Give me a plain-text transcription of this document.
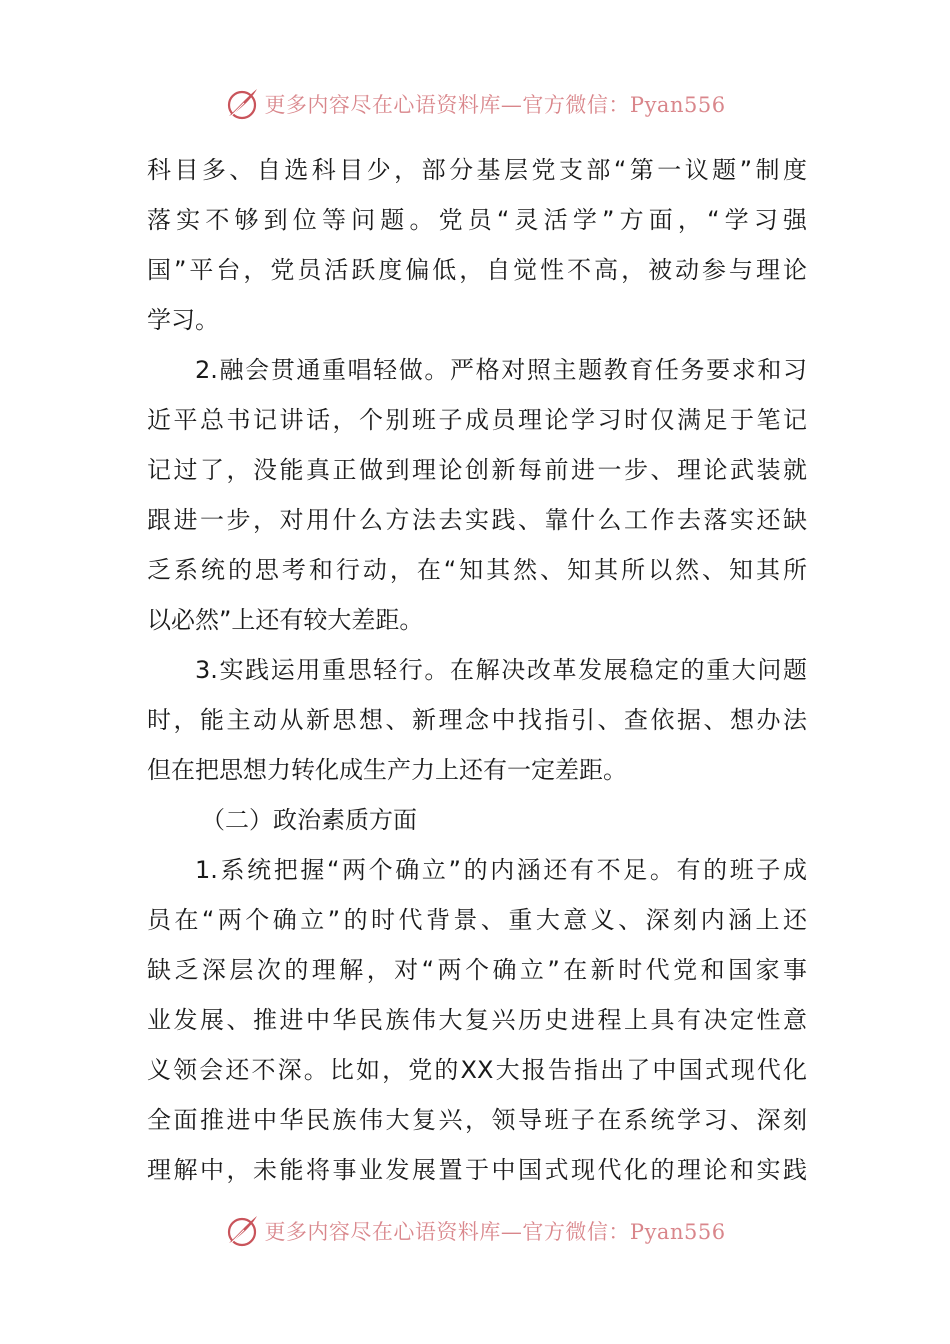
更多内容尽在心语资料库—官方微信：Pyan556
科目多、自选科目少，部分基层党支部“第一议题”制度
落实不够到位等问题。党员“灵活学”方面，“学习强
国”平台，党员活跃度偏低，自觉性不高，被动参与理论
学习。
2.融会贯通重唱轻做。严格对照主题教育任务要求和习
近平总书记讲话，个别班子成员理论学习时仅满足于笔记
记过了，没能真正做到理论创新每前进一步、理论武装就
跟进一步，对用什么方法去实践、靠什么工作去落实还缺
乏系统的思考和行动，在“知其然、知其所以然、知其所
以必然”上还有较大差距。
3.实践运用重思轻行。在解决改革发展稳定的重大问题
时，能主动从新思想、新理念中找指引、查依据、想办法
但在把思想力转化成生产力上还有一定差距。
（二）政治素质方面
1.系统把握“两个确立”的内涵还有不足。有的班子成
员在“两个确立”的时代背景、重大意义、深刻内涵上还
缺乏深层次的理解，对“两个确立”在新时代党和国家事
业发展、推进中华民族伟大复兴历史进程上具有决定性意
义领会还不深。比如，党的XX大报告指出了中国式现代化
全面推进中华民族伟大复兴，领导班子在系统学习、深刻
理解中，未能将事业发展置于中国式现代化的理论和实践
更多内容尽在心语资料库—官方微信：Pyan556
